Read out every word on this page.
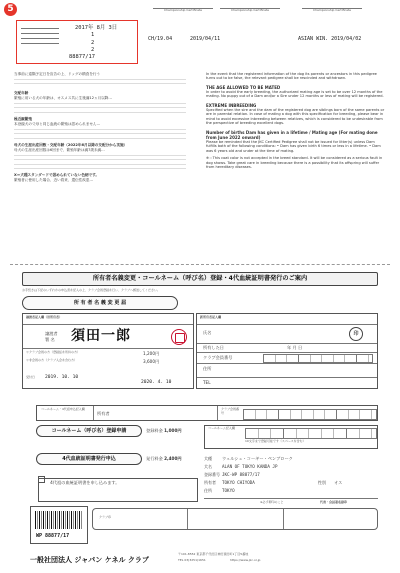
5	Championship Certificate	Championship Certificate	Championship Certificate
CH/19.04	2019/04/11	ASIAN WIN. 2019/04/02
2017年 8月 3日
1
2
2
88877/17
当事前に遠隔予定日を宣告の上、ドッグの精査を行う
交配年齢
繁殖に用いる犬の年齢は、オスメス共に生後満12ヵ月以降…
極近親繁殖
本登録犬の父母と同じ血統の繁殖は認められません…
母犬の生涯出産回数・交配年齢（2022年6月以降の交配分から実施）
母犬の生涯出産回数は6回まで、繁殖年齢は満7歳未満…
X＝犬種スタンダードで認められていない色柄です。
繁殖者に使用した場合、近い将来、遺伝性疾患…
In the event that the registered information of the dog its parents or ancestors in this pedigree turns out to be false, the relevant pedigree shall be rescinded and withdrawn.
THE AGE ALLOWED TO BE MATED
In order to avoid the early breeding, the authorized mating age is set to be over 12 months of the mating. No puppy out of a Dam and/or a Sire under 12 months or less of mating will be registered.
EXTREME INBREEDING
Specified when the sire and the dam of the registered dog are siblings born of the same parents or are in parental relation. In case of mating a dog with this specification for breeding, please bear in mind to avoid excessive inbreeding between relatives, which is considered to be undesirable from the perspective of breeding excellent dogs.
Number of births Dam has given in a lifetime / Mating age (For mating done from June 2022 onward)
Please be reminded that the JKC Certified Pedigree shall not be issued for litter(s) unless Dam fulfills both of the following conditions: • Dam has given birth 6 times or less in a lifetime. • Dam was 6 years old and under at the time of mating.
※＝This coat color is not accepted in the breed standard. It will be considered as a serious fault in dog shows. Take great care in breeding because there is a possibility that its offspring will suffer from hereditary diseases.
所有者名義変更・コールネーム（呼び名）登録・4代血統証明書発行のご案内
お手続きは下記のいずれかの申込書を記入の上、クラブ会員登録を行い、クラブへ郵送してください。
所 有 者 名 義 変 更 届
譲渡者記入欄（旧所有者）
譲渡者
署 名 須田一郎
＊クラブ会員の方（登録証を所持の方）	1,200円
＊非会員の方（クラブ入会を含む方）	3,600円
受付日 2019. 10. 10
2020. 4. 10
新所有者記入欄
氏名	印
所有した日	年 月 日
クラブ会員番号
住所
TEL
コールネーム・4代祖申込記入欄
所有者
クラブ会員番号
コールネーム（呼び名）登録申請	登録料金 1,000円	コールネーム記入欄
10文字まで登録可能です（スペースを含む）
4代血統証明書発行申込	発行料金 2,400円
4代祖の血統証明書を申し込みます。
犬種 ウェルシュ・コーギー・ペンブローク
犬名 ALAN OF TOKYO KANDA JP
登録番号 JKC-WP 88877/17
所有者 TOKYO CHIYODA	性別 オス
住所 TOKYO
※必ず押印のこと	代表・会員署名捺印
クラブ印
WP 88877/17
一般社団法人 ジャパン ケネル クラブ
〒101-8552 東京都千代田区神田須田町1丁目5番地
TEL 03(3251)1651	https://www.jkc.or.jp
